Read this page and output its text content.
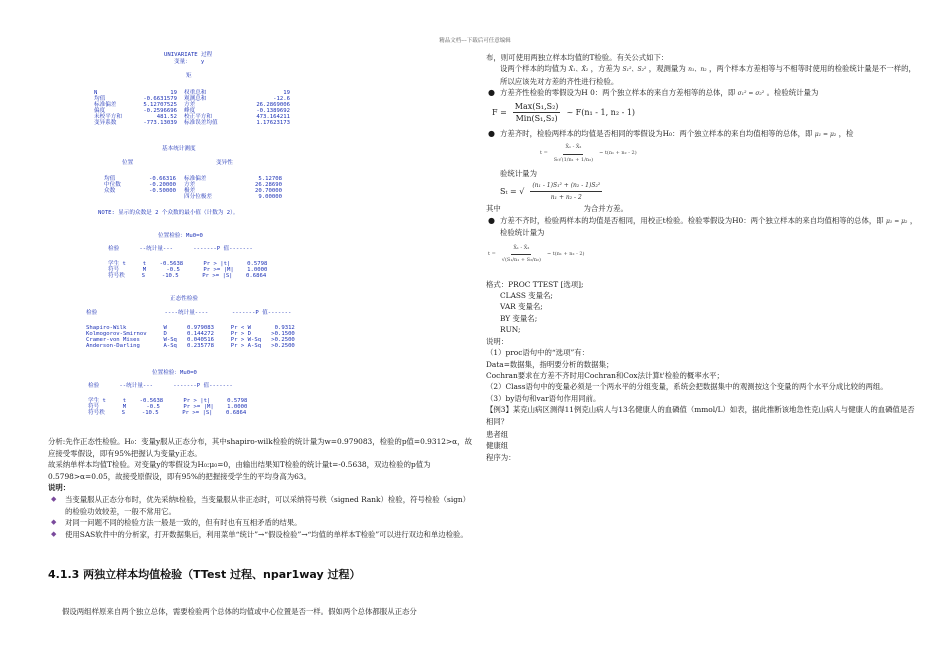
精品文档---下载后可任意编辑
UNIVARIATE 过程
变量：   y
矩
N	19 权重总和	19
均值	-0.6631579 观测总和	-12.6
标准偏差	5.12707525 方差	26.2869006
偏度	-0.2596696 峰度	-0.1389692
未校平方和	481.52 校正平方和	473.164211
变异系数	-773.13039 标准误差均值	1.17623173
基本统计测度
位置	变异性
均值	-0.66316 标准偏差	5.12708
中位数	-0.20000 方差	26.28690
众数	-0.50000 极差	20.70000
四分位极差	9.00000
NOTE: 显示的众数是 2 个众数的最小值（计数为 2）。
位置检验：Mu0=0
检验      --统计量---      -------P 值-------
学生 t     t    -0.5638      Pr > |t|     0.5798
符号       M      -0.5       Pr >= |M|    1.0000
符号秩     S     -10.5       Pr >= |S|    0.6864
正态性检验
检验                    ----统计量----       -------P 值-------
Shapiro-Wilk           W      0.979083     Pr < W       0.9312
Kolmogorov-Smirnov     D      0.144272     Pr > D      >0.1500
Cramer-von Mises       W-Sq   0.040516     Pr > W-Sq   >0.2500
Anderson-Darling       A-Sq   0.235778     Pr > A-Sq   >0.2500
位置检验：Mu0=0
检验      --统计量---      -------P 值-------
学生 t     t    -0.5638      Pr > |t|     0.5798
符号       M      -0.5       Pr >= |M|    1.0000
符号秩     S     -10.5       Pr >= |S|    0.6864

分析:先作正态性检验。H₀：变量y服从正态分布，其中shapiro-wilk检验的统计量为w=0.979083，检验的p值=0.9312>α，故应接受零假设，即有95%把握认为变量y正态。

故采纳单样本均值T检验。对变量y的零假设为H₀:μ₀=0，由输出结果知T检验的统计量t=-0.5638，双边检验的p值为0.5798>α=0.05，故接受原假设，即有95%的把握接受学生的平均身高为63。

说明：

◆ 当变量服从正态分布时，优先采纳t检验，当变量服从非正态时，可以采纳符号秩（signed Rank）检验，符号检验（sign）的检验功效较差，一般不常用它。
◆ 对同一问题不同的检验方法一般是一致的，但有时也有互相矛盾的结果。
◆ 使用SAS软件中的分析家，打开数据集后，利用菜单“统计”→“假设检验”→“均值的单样本T检验”可以进行双边和单边检验。
4.1.3 两独立样本均值检验（TTest 过程、npar1way 过程）
假设两组样原来自两个独立总体，需要检验两个总体的均值或中心位置是否一样。假如两个总体都服从正态分

布，则可使用两独立样本均值的T检验。有关公式如下：

设两个样本的均值为 X̄₁、X̄₂ ，方差为 S₁²、S₂² ，观测量为 n₁、n₂ ，两个样本方差相等与不相等时使用的检验统计量是不一样的，所以应该先对方差的齐性进行检验。

● 方差齐性检验的零假设为H 0：两个独立样本的来自方差相等的总体，即 σ₁² = σ₂² 。检验统计量为
F =
Max(S₁,S₂)
Min(S₁,S₂)
~ F(n₁ - 1, n₂ - 1)
● 方差齐时，检验两样本的均值是否相同的零假设为H₀：两个独立样本的来自均值相等的总体，即 μ₁ = μ₂ ，检
$t = \frac{\text{X̄₁ - X̄₂}}{\text{Sₜ√(1/n₁ + 1/n₂)}}$ ~ t(n₁ + n₂ - 2)

验统计量为

Sₜ = √
(n₁ - 1)S₁² + (n₂ - 1)S₂²
n₁ + n₂ - 2

其中	为合并方差。

● 方差不齐时，检验两样本的均值是否相同，用校正t检验。检验零假设为H0：两个独立样本的来自均值相等的总体，即 μ₁ = μ₂ ，检验统计量为
$t = \frac{\text{X̄₁ - X̄₂}}{\text{√(S₁/n₁ + S₂/n₂)}}$ ~ t(n₁ + n₂ - 2)

格式：PROC TTEST [选项];

CLASS 变量名;

VAR 变量名;

BY 变量名;

RUN;

说明：

（1）proc语句中的“选项”有：

Data=数据集，指明要分析的数据集；

Cochran要求在方差不齐时用Cochran和Cox法计算t'检验的概率水平；

（2）Class语句中的变量必须是一个两水平的分组变量，系统会把数据集中的观测按这个变量的两个水平分成比较的两组。

（3）by语句和var语句作用同前。

【例3】某克山病区测得11例克山病人与13名健康人的血磷值（mmol/L）如表，据此推断该地急性克山病人与健康人的血磷值是否相同？

患者组

健康组

程序为：
